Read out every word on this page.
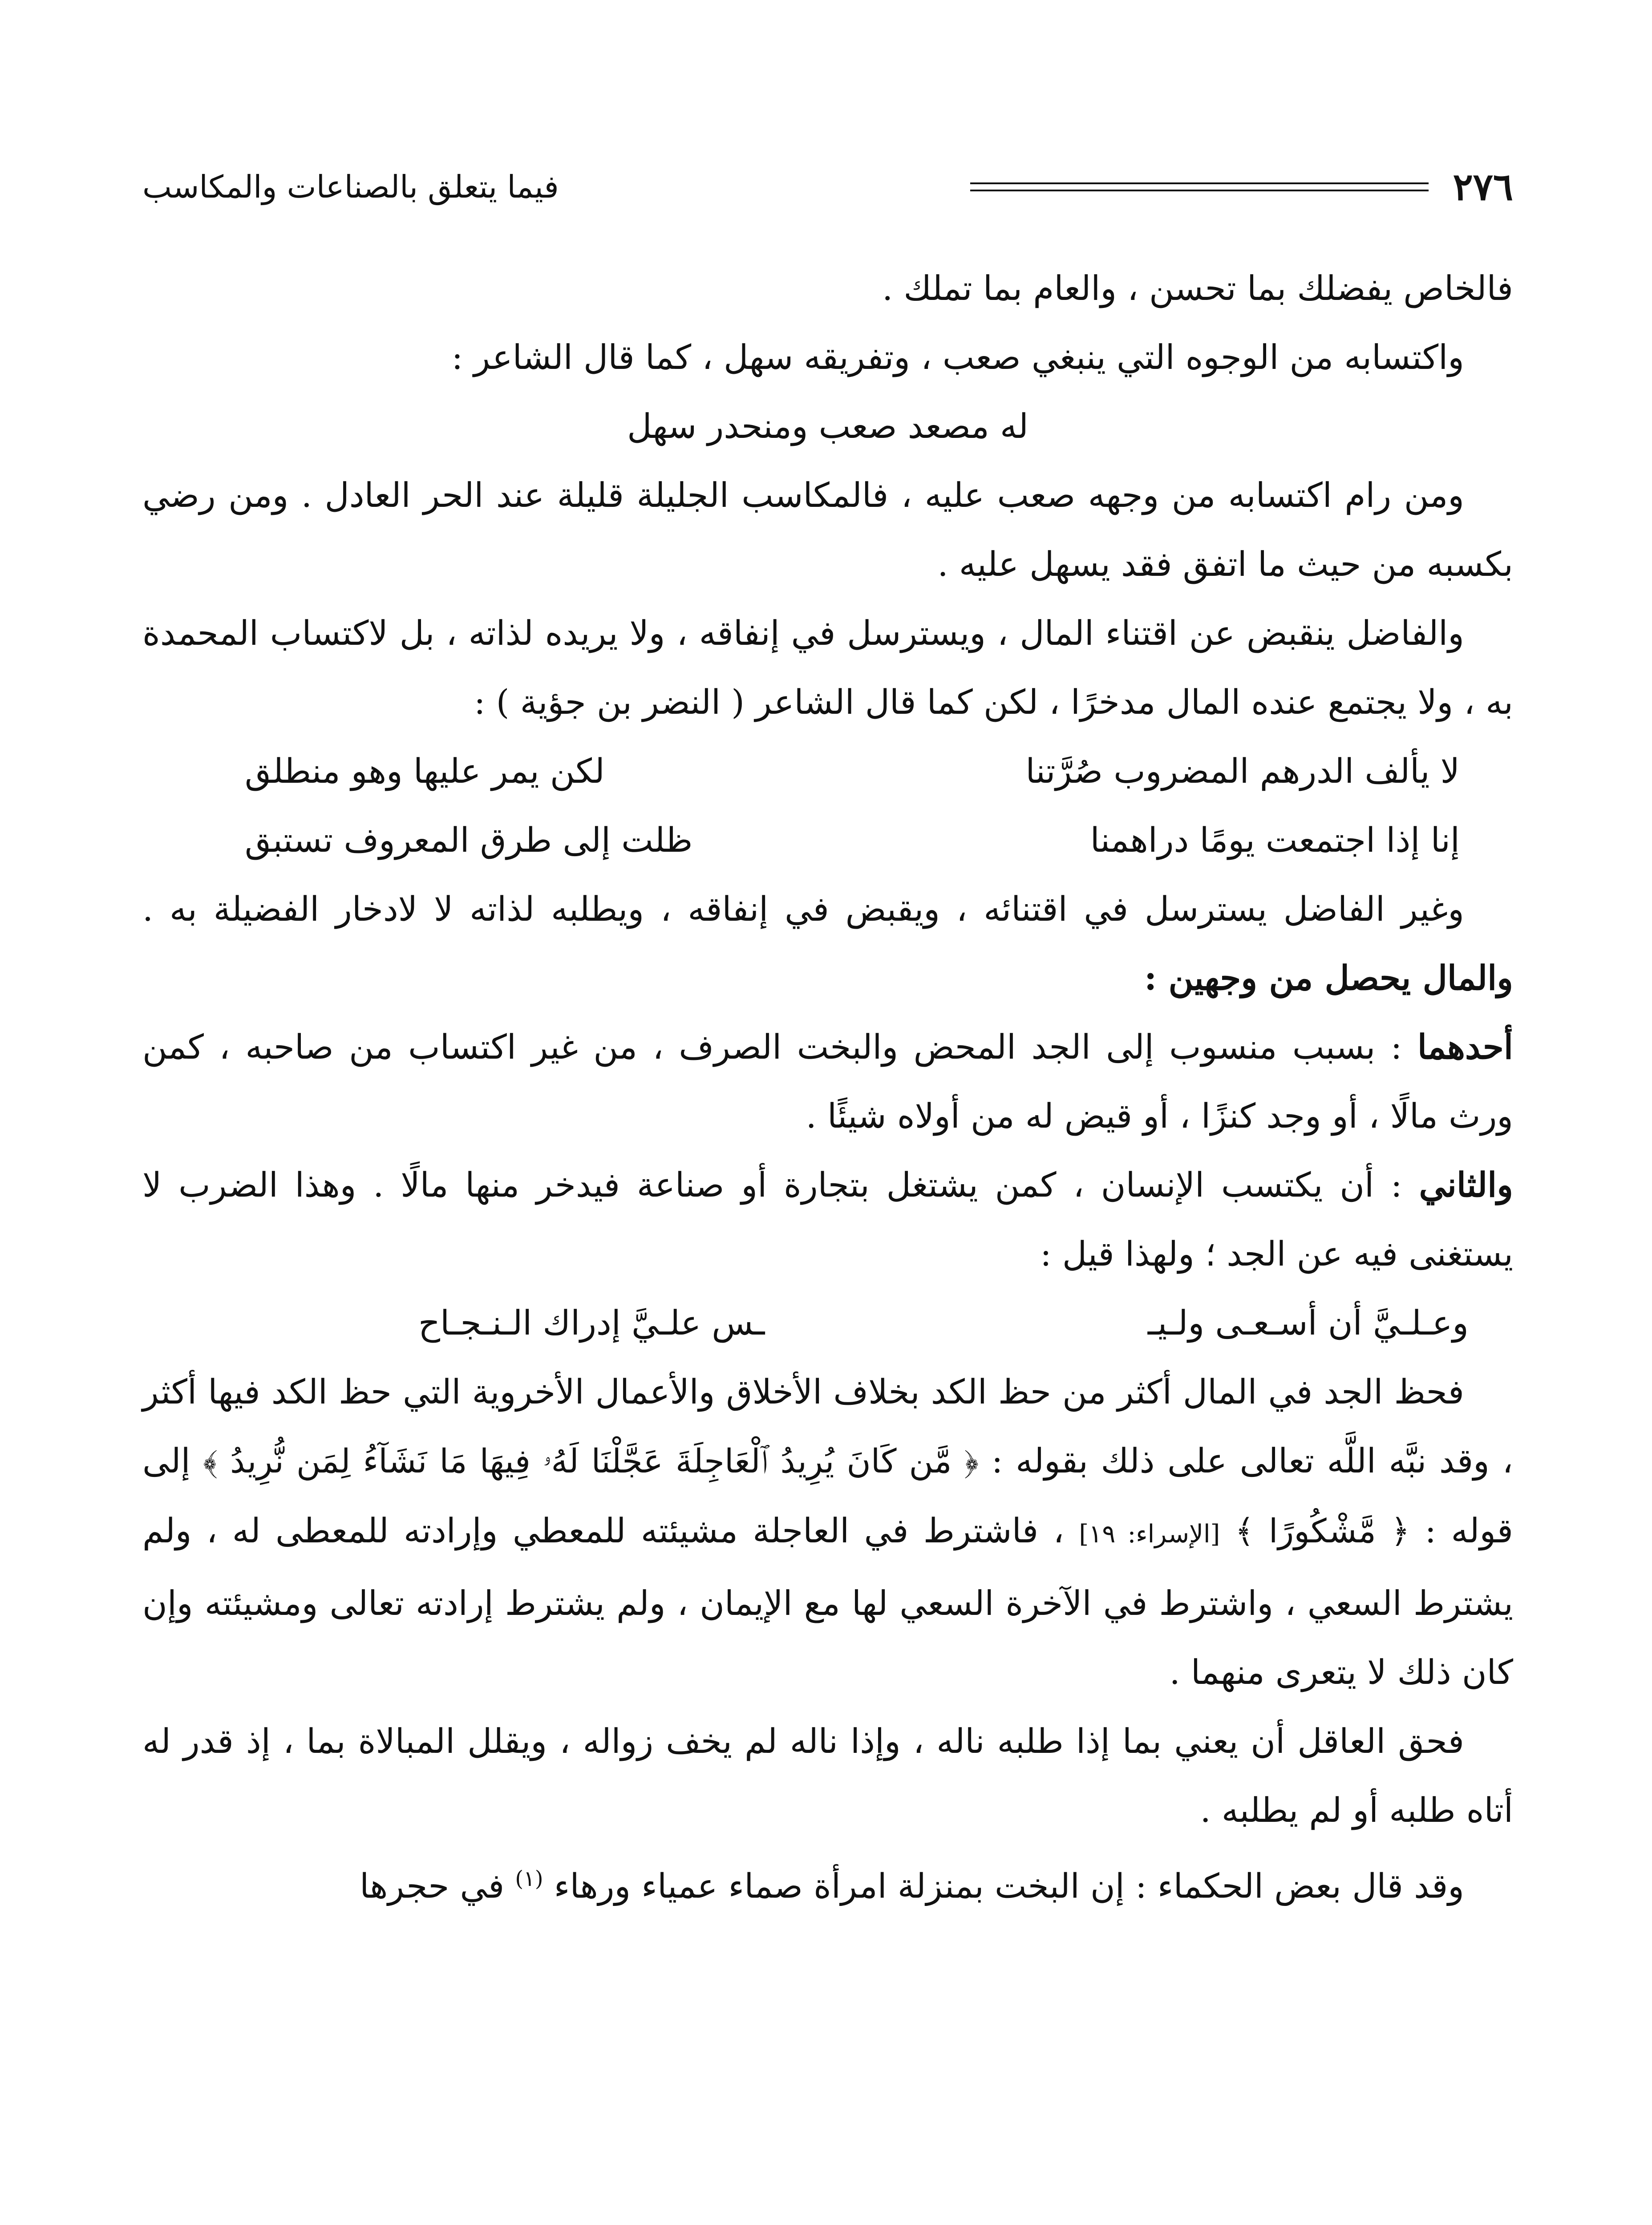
٢٧٦
فيما يتعلق بالصناعات والمكاسب

فالخاص يفضلك بما تحسن ، والعام بما تملك .

واكتسابه من الوجوه التي ينبغي صعب ، وتفريقه سهل ، كما قال الشاعر :

له مصعد صعب ومنحدر سهل

ومن رام اكتسابه من وجهه صعب عليه ، فالمكاسب الجليلة قليلة عند الحر العادل . ومن رضي بكسبه من حيث ما اتفق فقد يسهل عليه .

والفاضل ينقبض عن اقتناء المال ، ويسترسل في إنفاقه ، ولا يريده لذاته ، بل لاكتساب المحمدة به ، ولا يجتمع عنده المال مدخرًا ، لكن كما قال الشاعر ( النضر بن جؤية ) :

لا يألف الدرهم المضروب صُرَّتنا
لكن يمر عليها وهو منطلق
إنا إذا اجتمعت يومًا دراهمنا
ظلت إلى طرق المعروف تستبق

وغير الفاضل يسترسل في اقتنائه ، ويقبض في إنفاقه ، ويطلبه لذاته لا لادخار الفضيلة به . والمال يحصل من وجهين :

أحدهما : بسبب منسوب إلى الجد المحض والبخت الصرف ، من غير اكتساب من صاحبه ، كمن ورث مالًا ، أو وجد كنزًا ، أو قيض له من أولاه شيئًا .

والثاني : أن يكتسب الإنسان ، كمن يشتغل بتجارة أو صناعة فيدخر منها مالًا . وهذا الضرب لا يستغنى فيه عن الجد ؛ ولهذا قيل :

وعـلـيَّ أن أسـعـى ولـيـ
ـس علـيَّ إدراك الـنـجـاح

فحظ الجد في المال أكثر من حظ الكد بخلاف الأخلاق والأعمال الأخروية التي حظ الكد فيها أكثر ، وقد نبَّه اللَّه تعالى على ذلك بقوله : ﴿ مَّن كَانَ يُرِيدُ ٱلْعَاجِلَةَ عَجَّلْنَا لَهُۥ فِيهَا مَا نَشَآءُ لِمَن نُّرِيدُ ﴾ إلى قوله : ﴿ مَّشْكُورًا ﴾ [الإسراء: ١٩] ، فاشترط في العاجلة مشيئته للمعطي وإرادته للمعطى له ، ولم يشترط السعي ، واشترط في الآخرة السعي لها مع الإيمان ، ولم يشترط إرادته تعالى ومشيئته وإن كان ذلك لا يتعرى منهما .

فحق العاقل أن يعني بما إذا طلبه ناله ، وإذا ناله لم يخف زواله ، ويقلل المبالاة بما ، إذ قدر له أتاه طلبه أو لم يطلبه .

وقد قال بعض الحكماء : إن البخت بمنزلة امرأة صماء عمياء ورهاء $^{(١)}$ في حجرها
